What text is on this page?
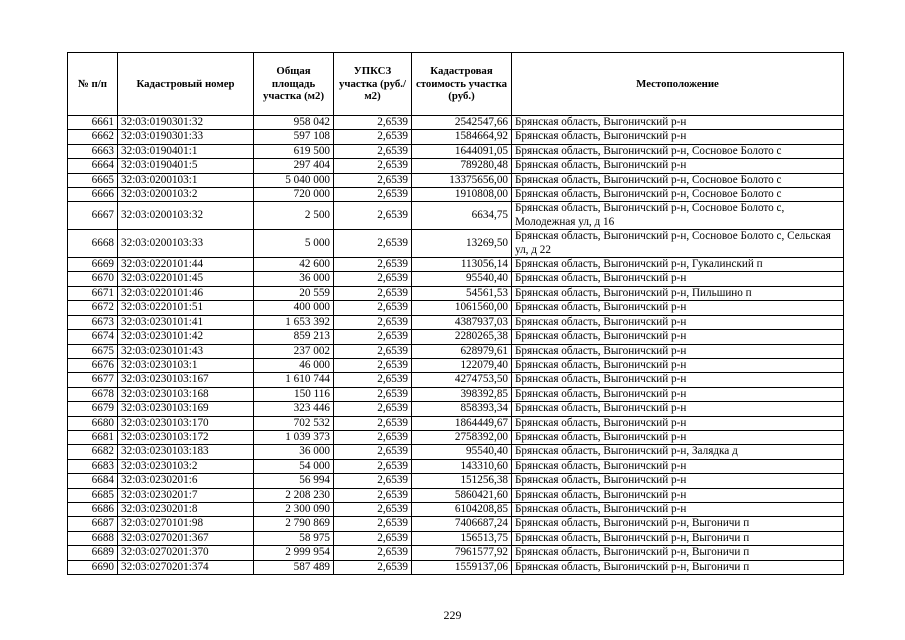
№ п/п	Кадастровый номер	Общая площадь участка (м2)	УПКСЗ участка (руб./м2)	Кадастровая стоимость участка (руб.)	Местоположение
6661	32:03:0190301:32	958 042	2,6539	2542547,66	Брянская область, Выгоничский р-н
6662	32:03:0190301:33	597 108	2,6539	1584664,92	Брянская область, Выгоничский р-н
6663	32:03:0190401:1	619 500	2,6539	1644091,05	Брянская область, Выгоничский р-н, Сосновое Болото с
6664	32:03:0190401:5	297 404	2,6539	789280,48	Брянская область, Выгоничский р-н
6665	32:03:0200103:1	5 040 000	2,6539	13375656,00	Брянская область, Выгоничский р-н, Сосновое Болото с
6666	32:03:0200103:2	720 000	2,6539	1910808,00	Брянская область, Выгоничский р-н, Сосновое Болото с
6667	32:03:0200103:32	2 500	2,6539	6634,75	Брянская область, Выгоничский р-н, Сосновое Болото с, Молодежная ул, д 16
6668	32:03:0200103:33	5 000	2,6539	13269,50	Брянская область, Выгоничский р-н, Сосновое Болото с, Сельская ул, д 22
6669	32:03:0220101:44	42 600	2,6539	113056,14	Брянская область, Выгоничский р-н, Гукалинский п
6670	32:03:0220101:45	36 000	2,6539	95540,40	Брянская область, Выгоничский р-н
6671	32:03:0220101:46	20 559	2,6539	54561,53	Брянская область, Выгоничский р-н, Пильшино п
6672	32:03:0220101:51	400 000	2,6539	1061560,00	Брянская область, Выгоничский р-н
6673	32:03:0230101:41	1 653 392	2,6539	4387937,03	Брянская область, Выгоничский р-н
6674	32:03:0230101:42	859 213	2,6539	2280265,38	Брянская область, Выгоничский р-н
6675	32:03:0230101:43	237 002	2,6539	628979,61	Брянская область, Выгоничский р-н
6676	32:03:0230103:1	46 000	2,6539	122079,40	Брянская область, Выгоничский р-н
6677	32:03:0230103:167	1 610 744	2,6539	4274753,50	Брянская область, Выгоничский р-н
6678	32:03:0230103:168	150 116	2,6539	398392,85	Брянская область, Выгоничский р-н
6679	32:03:0230103:169	323 446	2,6539	858393,34	Брянская область, Выгоничский р-н
6680	32:03:0230103:170	702 532	2,6539	1864449,67	Брянская область, Выгоничский р-н
6681	32:03:0230103:172	1 039 373	2,6539	2758392,00	Брянская область, Выгоничский р-н
6682	32:03:0230103:183	36 000	2,6539	95540,40	Брянская область, Выгоничский р-н, Залядка д
6683	32:03:0230103:2	54 000	2,6539	143310,60	Брянская область, Выгоничский р-н
6684	32:03:0230201:6	56 994	2,6539	151256,38	Брянская область, Выгоничский р-н
6685	32:03:0230201:7	2 208 230	2,6539	5860421,60	Брянская область, Выгоничский р-н
6686	32:03:0230201:8	2 300 090	2,6539	6104208,85	Брянская область, Выгоничский р-н
6687	32:03:0270101:98	2 790 869	2,6539	7406687,24	Брянская область, Выгоничский р-н, Выгоничи п
6688	32:03:0270201:367	58 975	2,6539	156513,75	Брянская область, Выгоничский р-н, Выгоничи п
6689	32:03:0270201:370	2 999 954	2,6539	7961577,92	Брянская область, Выгоничский р-н, Выгоничи п
6690	32:03:0270201:374	587 489	2,6539	1559137,06	Брянская область, Выгоничский р-н, Выгоничи п
229
